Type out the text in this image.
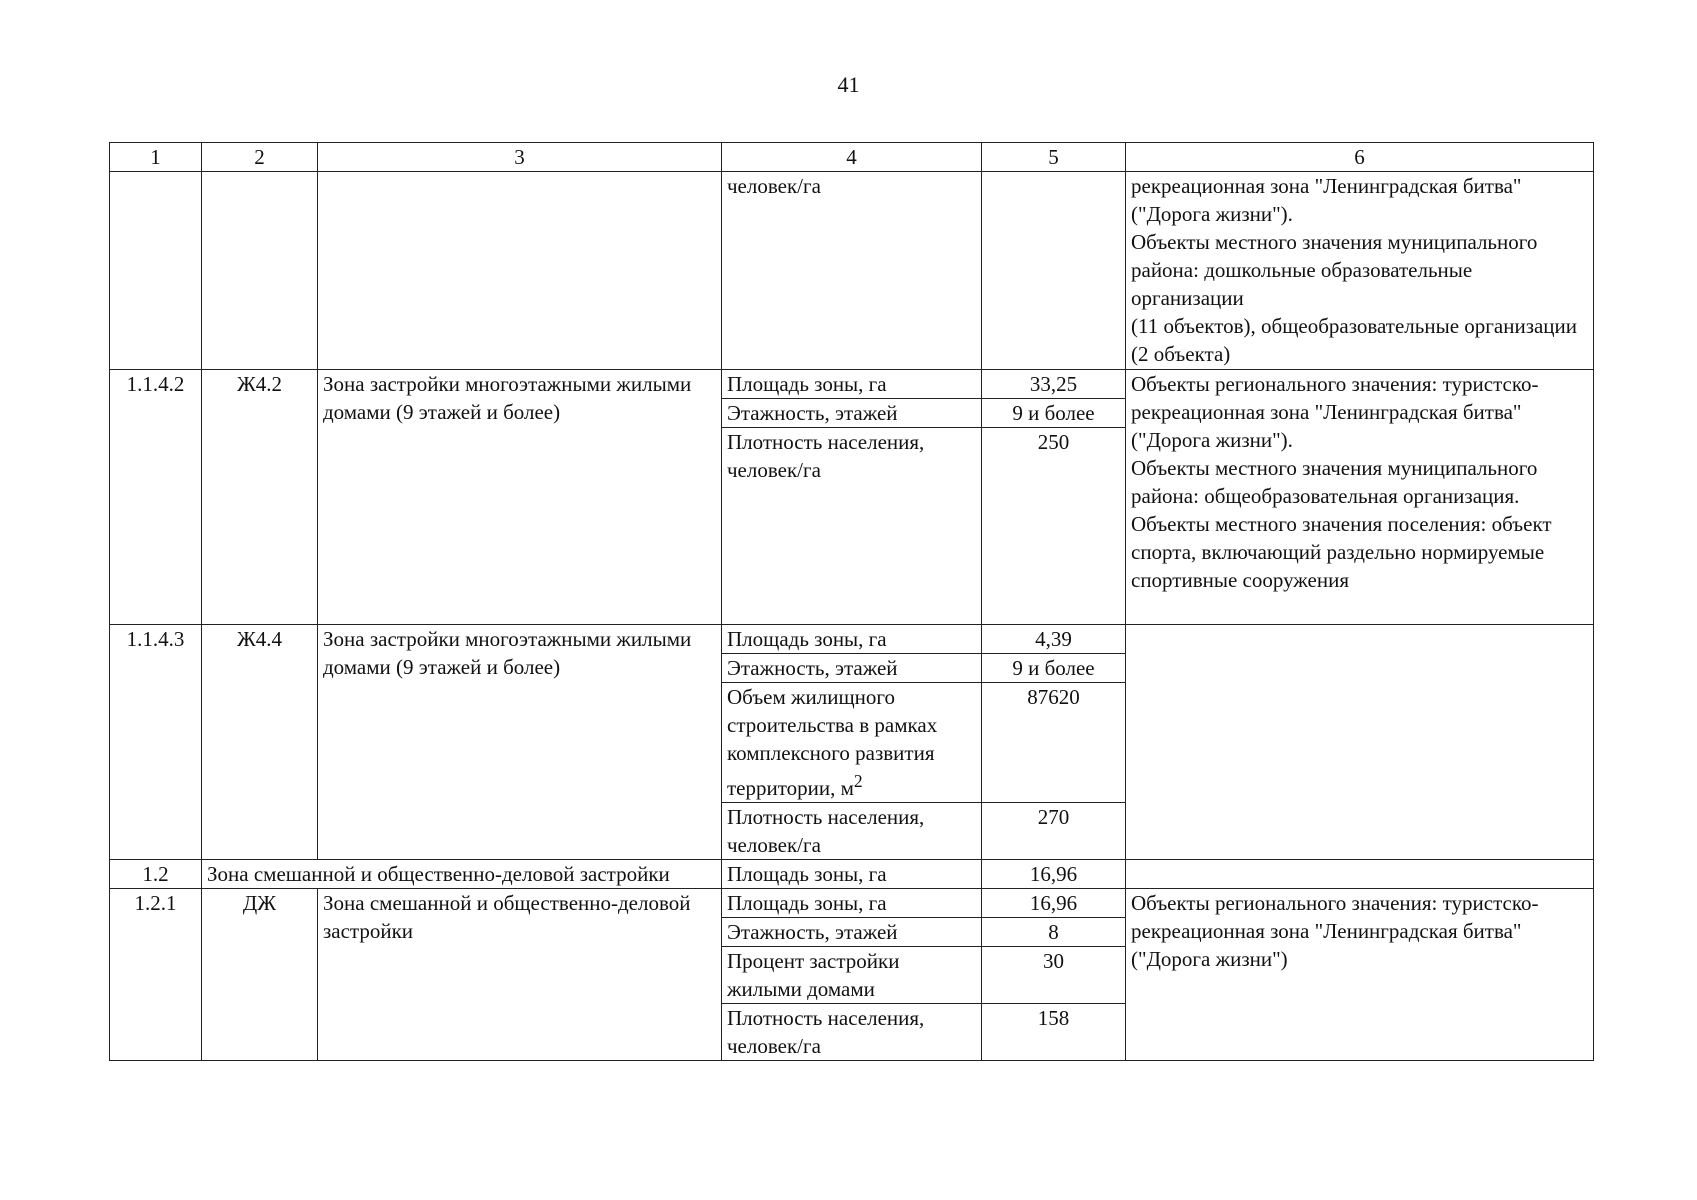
41
1	2	3	4	5	6
			человек/га		рекреационная зона "Ленинградская битва" ("Дорога жизни").
Объекты местного значения муниципального района: дошкольные образовательные организации
(11 объектов), общеобразовательные организации (2 объекта)
1.1.4.2	Ж4.2	Зона застройки многоэтажными жилыми домами (9 этажей и более)	Площадь зоны, га	33,25	Объекты регионального значения: туристско-рекреационная зона "Ленинградская битва" ("Дорога жизни").
Объекты местного значения муниципального района: общеобразовательная организация.
Объекты местного значения поселения: объект спорта, включающий раздельно нормируемые спортивные сооружения
			Этажность, этажей	9 и более	
			Плотность населения, человек/га	250	
1.1.4.3	Ж4.4	Зона застройки многоэтажными жилыми домами (9 этажей и более)	Площадь зоны, га	4,39	
			Этажность, этажей	9 и более	
			Объем жилищного строительства в рамках комплексного развития территории, $м^2$	87620	
			Плотность населения, человек/га	270	
1.2	Зона смешанной и общественно-деловой застройки		Площадь зоны, га	16,96	
1.2.1	ДЖ	Зона смешанной и общественно-деловой застройки	Площадь зоны, га	16,96	Объекты регионального значения: туристско-рекреационная зона "Ленинградская битва" ("Дорога жизни")
			Этажность, этажей	8	
			Процент застройки жилыми домами	30	
			Плотность населения, человек/га	158	
